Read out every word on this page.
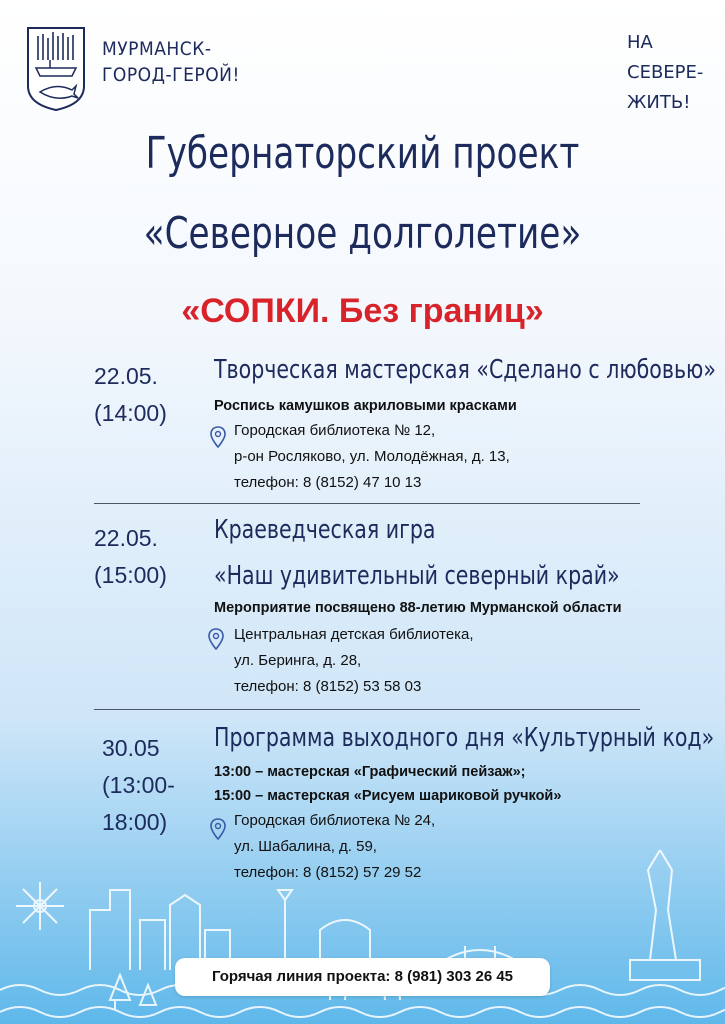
МУРМАНСК-
ГОРОД-ГЕРОЙ!
НА
СЕВЕРЕ-
ЖИТЬ!
Губернаторский проект
«Северное долголетие»
«СОПКИ. Без границ»
22.05.
(14:00)
Творческая мастерская «Сделано с любовью»
Роспись камушков акриловыми красками
Городская библиотека № 12,
р-он Росляково, ул. Молодёжная, д. 13,
телефон: 8 (8152) 47 10 13
22.05.
(15:00)
Краеведческая игра
«Наш удивительный северный край»
Мероприятие посвящено 88-летию Мурманской области
Центральная детская библиотека,
ул. Беринга, д. 28,
телефон: 8 (8152) 53 58 03
30.05
(13:00-
18:00)
Программа выходного дня «Культурный код»
13:00 – мастерская «Графический пейзаж»;
15:00 – мастерская «Рисуем шариковой ручкой»
Городская библиотека № 24,
ул. Шабалина, д. 59,
телефон: 8 (8152) 57 29 52
Горячая линия проекта: 8 (981) 303 26 45
